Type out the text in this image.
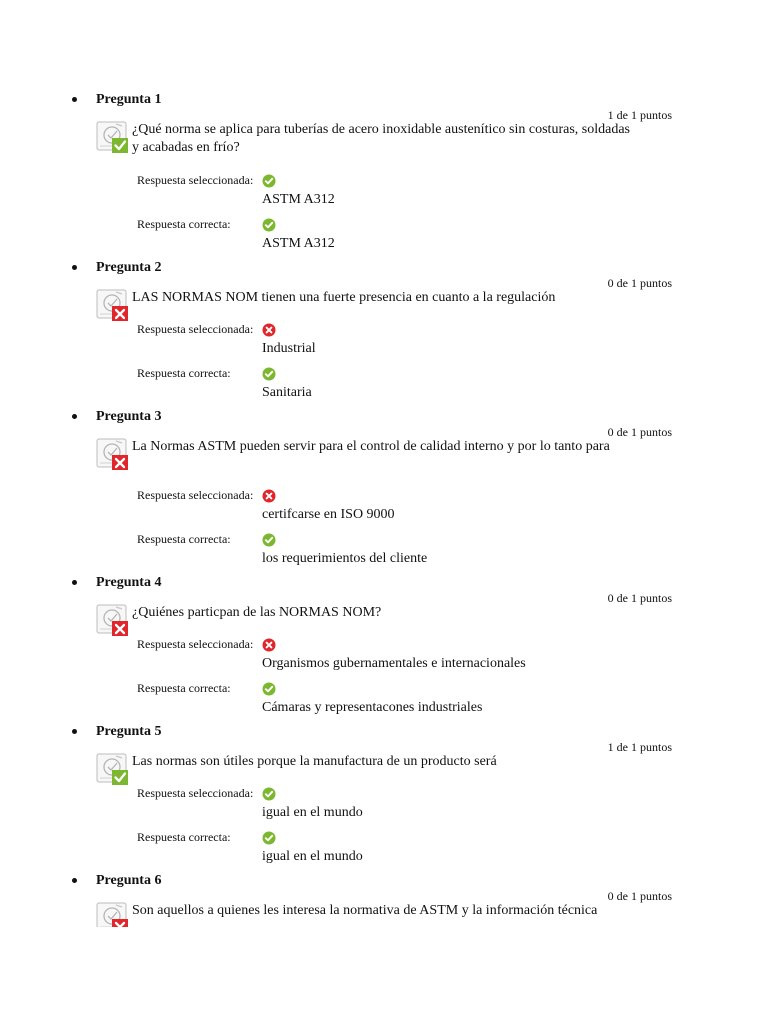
Pregunta 1
1 de 1 puntos
¿Qué norma se aplica para tuberías de acero inoxidable austenítico sin costuras, soldadas y acabadas en frío?
Respuesta seleccionada:
ASTM A312
Respuesta correcta:
ASTM A312
Pregunta 2
0 de 1 puntos
LAS NORMAS NOM tienen una fuerte presencia en cuanto a la regulación
Respuesta seleccionada:
Industrial
Respuesta correcta:
Sanitaria
Pregunta 3
0 de 1 puntos
La Normas ASTM pueden servir para el control de calidad interno y por lo tanto para
Respuesta seleccionada:
certifcarse en ISO 9000
Respuesta correcta:
los requerimientos del cliente
Pregunta 4
0 de 1 puntos
¿Quiénes particpan de las NORMAS NOM?
Respuesta seleccionada:
Organismos gubernamentales e internacionales
Respuesta correcta:
Cámaras y representacones industriales
Pregunta 5
1 de 1 puntos
Las normas son útiles porque la manufactura de un producto será
Respuesta seleccionada:
igual en el mundo
Respuesta correcta:
igual en el mundo
Pregunta 6
0 de 1 puntos
Son aquellos a quienes les interesa la normativa de ASTM y la información técnica
